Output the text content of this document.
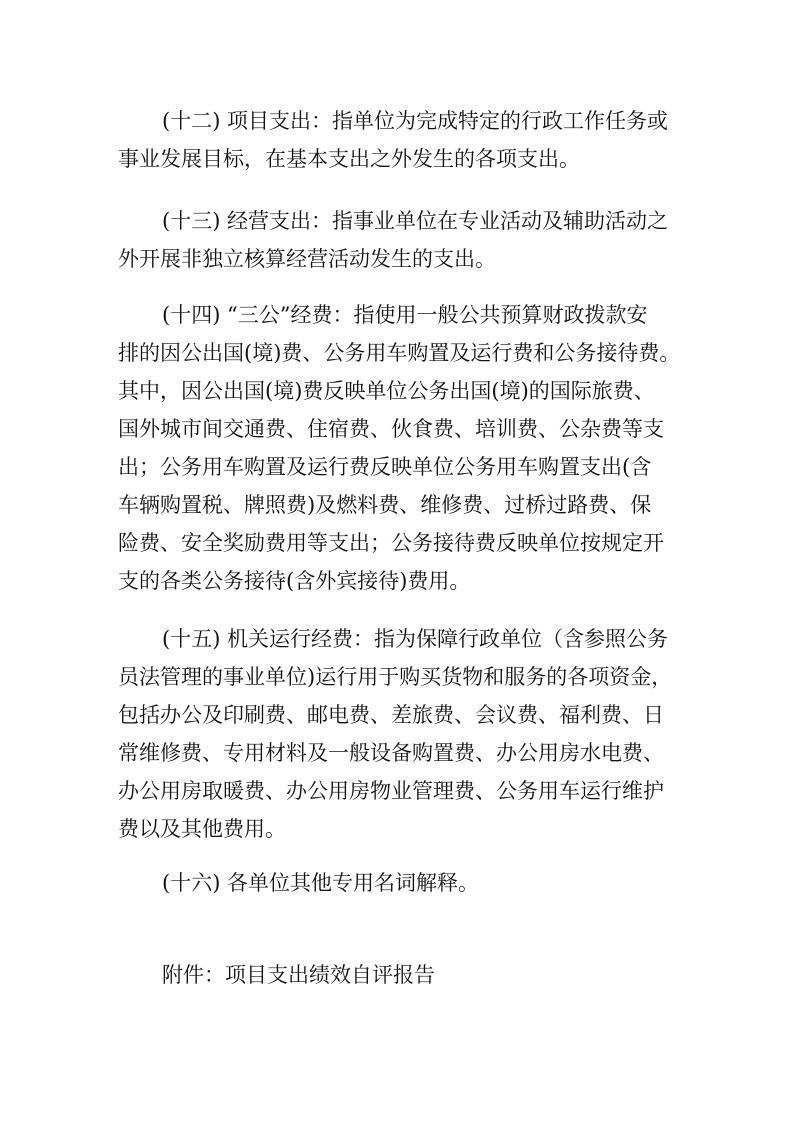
(十二) 项目支出：指单位为完成特定的行政工作任务或
事业发展目标，在基本支出之外发生的各项支出。
(十三) 经营支出：指事业单位在专业活动及辅助活动之
外开展非独立核算经营活动发生的支出。
(十四) “三公”经费：指使用一般公共预算财政拨款安
排的因公出国(境)费、公务用车购置及运行费和公务接待费。
其中，因公出国(境)费反映单位公务出国(境)的国际旅费、
国外城市间交通费、住宿费、伙食费、培训费、公杂费等支
出；公务用车购置及运行费反映单位公务用车购置支出(含
车辆购置税、牌照费)及燃料费、维修费、过桥过路费、保
险费、安全奖励费用等支出；公务接待费反映单位按规定开
支的各类公务接待(含外宾接待)费用。
(十五) 机关运行经费：指为保障行政单位（含参照公务
员法管理的事业单位)运行用于购买货物和服务的各项资金，
包括办公及印刷费、邮电费、差旅费、会议费、福利费、日
常维修费、专用材料及一般设备购置费、办公用房水电费、
办公用房取暖费、办公用房物业管理费、公务用车运行维护
费以及其他费用。
(十六) 各单位其他专用名词解释。
附件：项目支出绩效自评报告
